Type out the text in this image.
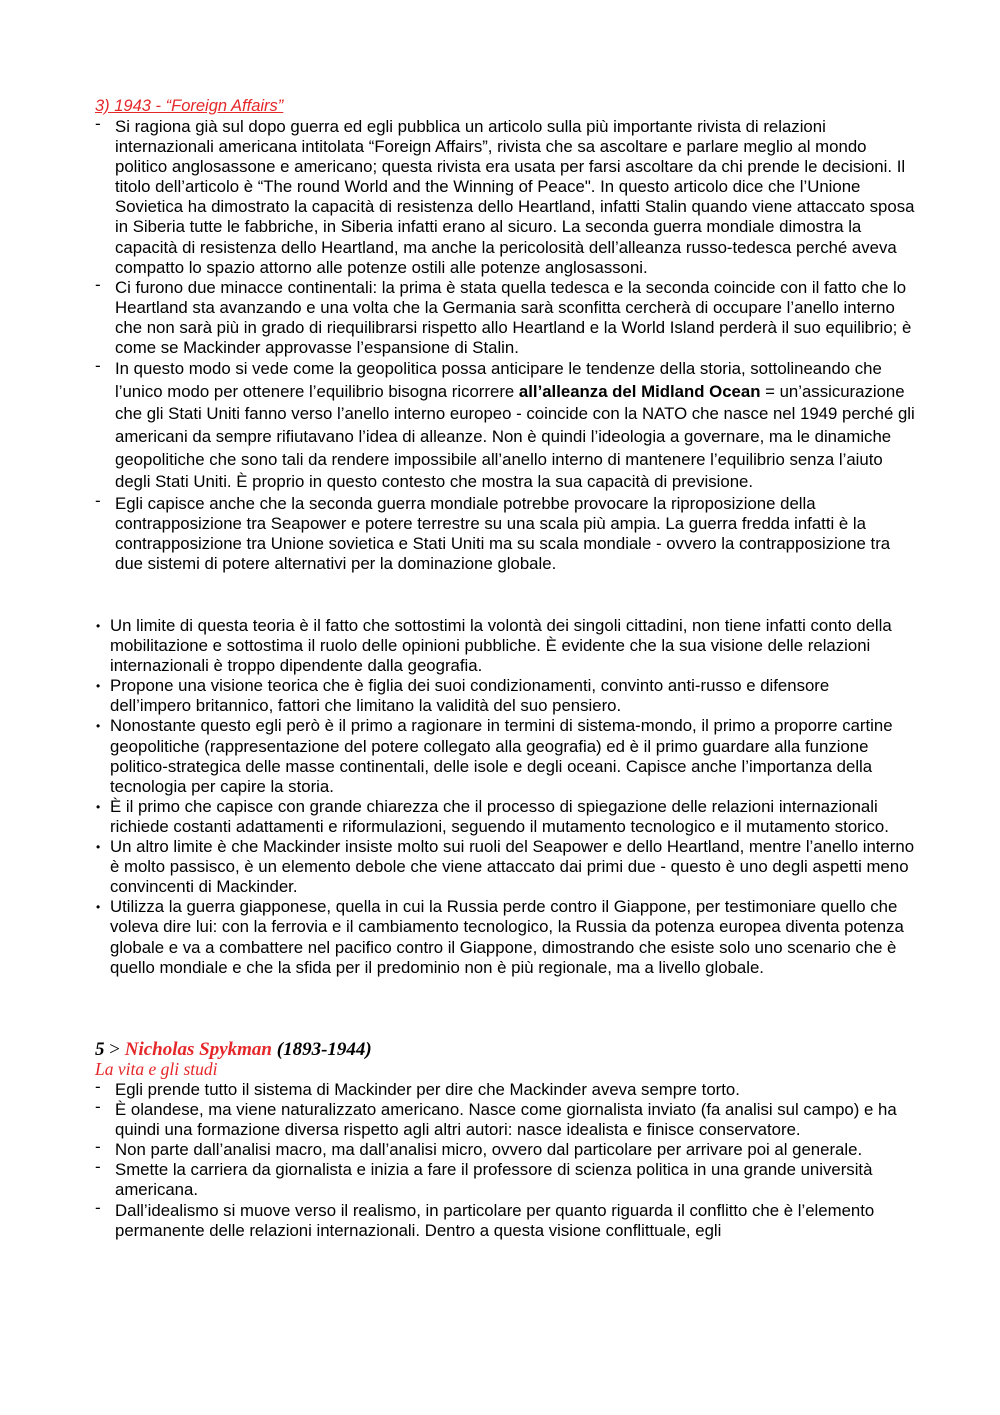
3) 1943 - “Foreign Affairs”

- Si ragiona già sul dopo guerra ed egli pubblica un articolo sulla più importante rivista di relazioni internazionali americana intitolata “Foreign Affairs”, rivista che sa ascoltare e parlare meglio al mondo politico anglosassone e americano; questa rivista era usata per farsi ascoltare da chi prende le decisioni. Il titolo dell’articolo è “The round World and the Winning of Peace". In questo articolo dice che l’Unione Sovietica ha dimostrato la capacità di resistenza dello Heartland, infatti Stalin quando viene attaccato sposa in Siberia tutte le fabbriche, in Siberia infatti erano al sicuro. La seconda guerra mondiale dimostra la capacità di resistenza dello Heartland, ma anche la pericolosità dell’alleanza russo-tedesca perché aveva compatto lo spazio attorno alle potenze ostili alle potenze anglosassoni.
- Ci furono due minacce continentali: la prima è stata quella tedesca e la seconda coincide con il fatto che lo Heartland sta avanzando e una volta che la Germania sarà sconfitta cercherà di occupare l’anello interno che non sarà più in grado di riequilibrarsi rispetto allo Heartland e la World Island perderà il suo equilibrio; è come se Mackinder approvasse l’espansione di Stalin.
- In questo modo si vede come la geopolitica possa anticipare le tendenze della storia, sottolineando che l’unico modo per ottenere l’equilibrio bisogna ricorrere all’alleanza del Midland Ocean = un’assicurazione che gli Stati Uniti fanno verso l’anello interno europeo - coincide con la NATO che nasce nel 1949 perché gli americani da sempre rifiutavano l’idea di alleanze. Non è quindi l’ideologia a governare, ma le dinamiche geopolitiche che sono tali da rendere impossibile all’anello interno di mantenere l’equilibrio senza l’aiuto degli Stati Uniti. È proprio in questo contesto che mostra la sua capacità di previsione.
- Egli capisce anche che la seconda guerra mondiale potrebbe provocare la riproposizione della contrapposizione tra Seapower e potere terrestre su una scala più ampia. La guerra fredda infatti è la contrapposizione tra Unione sovietica e Stati Uniti ma su scala mondiale - ovvero la contrapposizione tra due sistemi di potere alternativi per la dominazione globale.
• Un limite di questa teoria è il fatto che sottostimi la volontà dei singoli cittadini, non tiene infatti conto della mobilitazione e sottostima il ruolo delle opinioni pubbliche. È evidente che la sua visione delle relazioni internazionali è troppo dipendente dalla geografia.
• Propone una visione teorica che è figlia dei suoi condizionamenti, convinto anti-russo e difensore dell’impero britannico, fattori che limitano la validità del suo pensiero.
• Nonostante questo egli però è il primo a ragionare in termini di sistema-mondo, il primo a proporre cartine geopolitiche (rappresentazione del potere collegato alla geografia) ed è il primo guardare alla funzione politico-strategica delle masse continentali, delle isole e degli oceani. Capisce anche l’importanza della tecnologia per capire la storia.
• È il primo che capisce con grande chiarezza che il processo di spiegazione delle relazioni internazionali richiede costanti adattamenti e riformulazioni, seguendo il mutamento tecnologico e il mutamento storico.
• Un altro limite è che Mackinder insiste molto sui ruoli del Seapower e dello Heartland, mentre l’anello interno è molto passisco, è un elemento debole che viene attaccato dai primi due - questo è uno degli aspetti meno convincenti di Mackinder.
• Utilizza la guerra giapponese, quella in cui la Russia perde contro il Giappone, per testimoniare quello che voleva dire lui: con la ferrovia e il cambiamento tecnologico, la Russia da potenza europea diventa potenza globale e va a combattere nel pacifico contro il Giappone, dimostrando che esiste solo uno scenario che è quello mondiale e che la sfida per il predominio non è più regionale, ma a livello globale.

5 > Nicholas Spykman (1893-1944)

La vita e gli studi

- Egli prende tutto il sistema di Mackinder per dire che Mackinder aveva sempre torto.
- È olandese, ma viene naturalizzato americano. Nasce come giornalista inviato (fa analisi sul campo) e ha quindi una formazione diversa rispetto agli altri autori: nasce idealista e finisce conservatore.
- Non parte dall’analisi macro, ma dall’analisi micro, ovvero dal particolare per arrivare poi al generale.
- Smette la carriera da giornalista e inizia a fare il professore di scienza politica in una grande università americana.
- Dall’idealismo si muove verso il realismo, in particolare per quanto riguarda il conflitto che è l’elemento permanente delle relazioni internazionali. Dentro a questa visione conflittuale, egli
